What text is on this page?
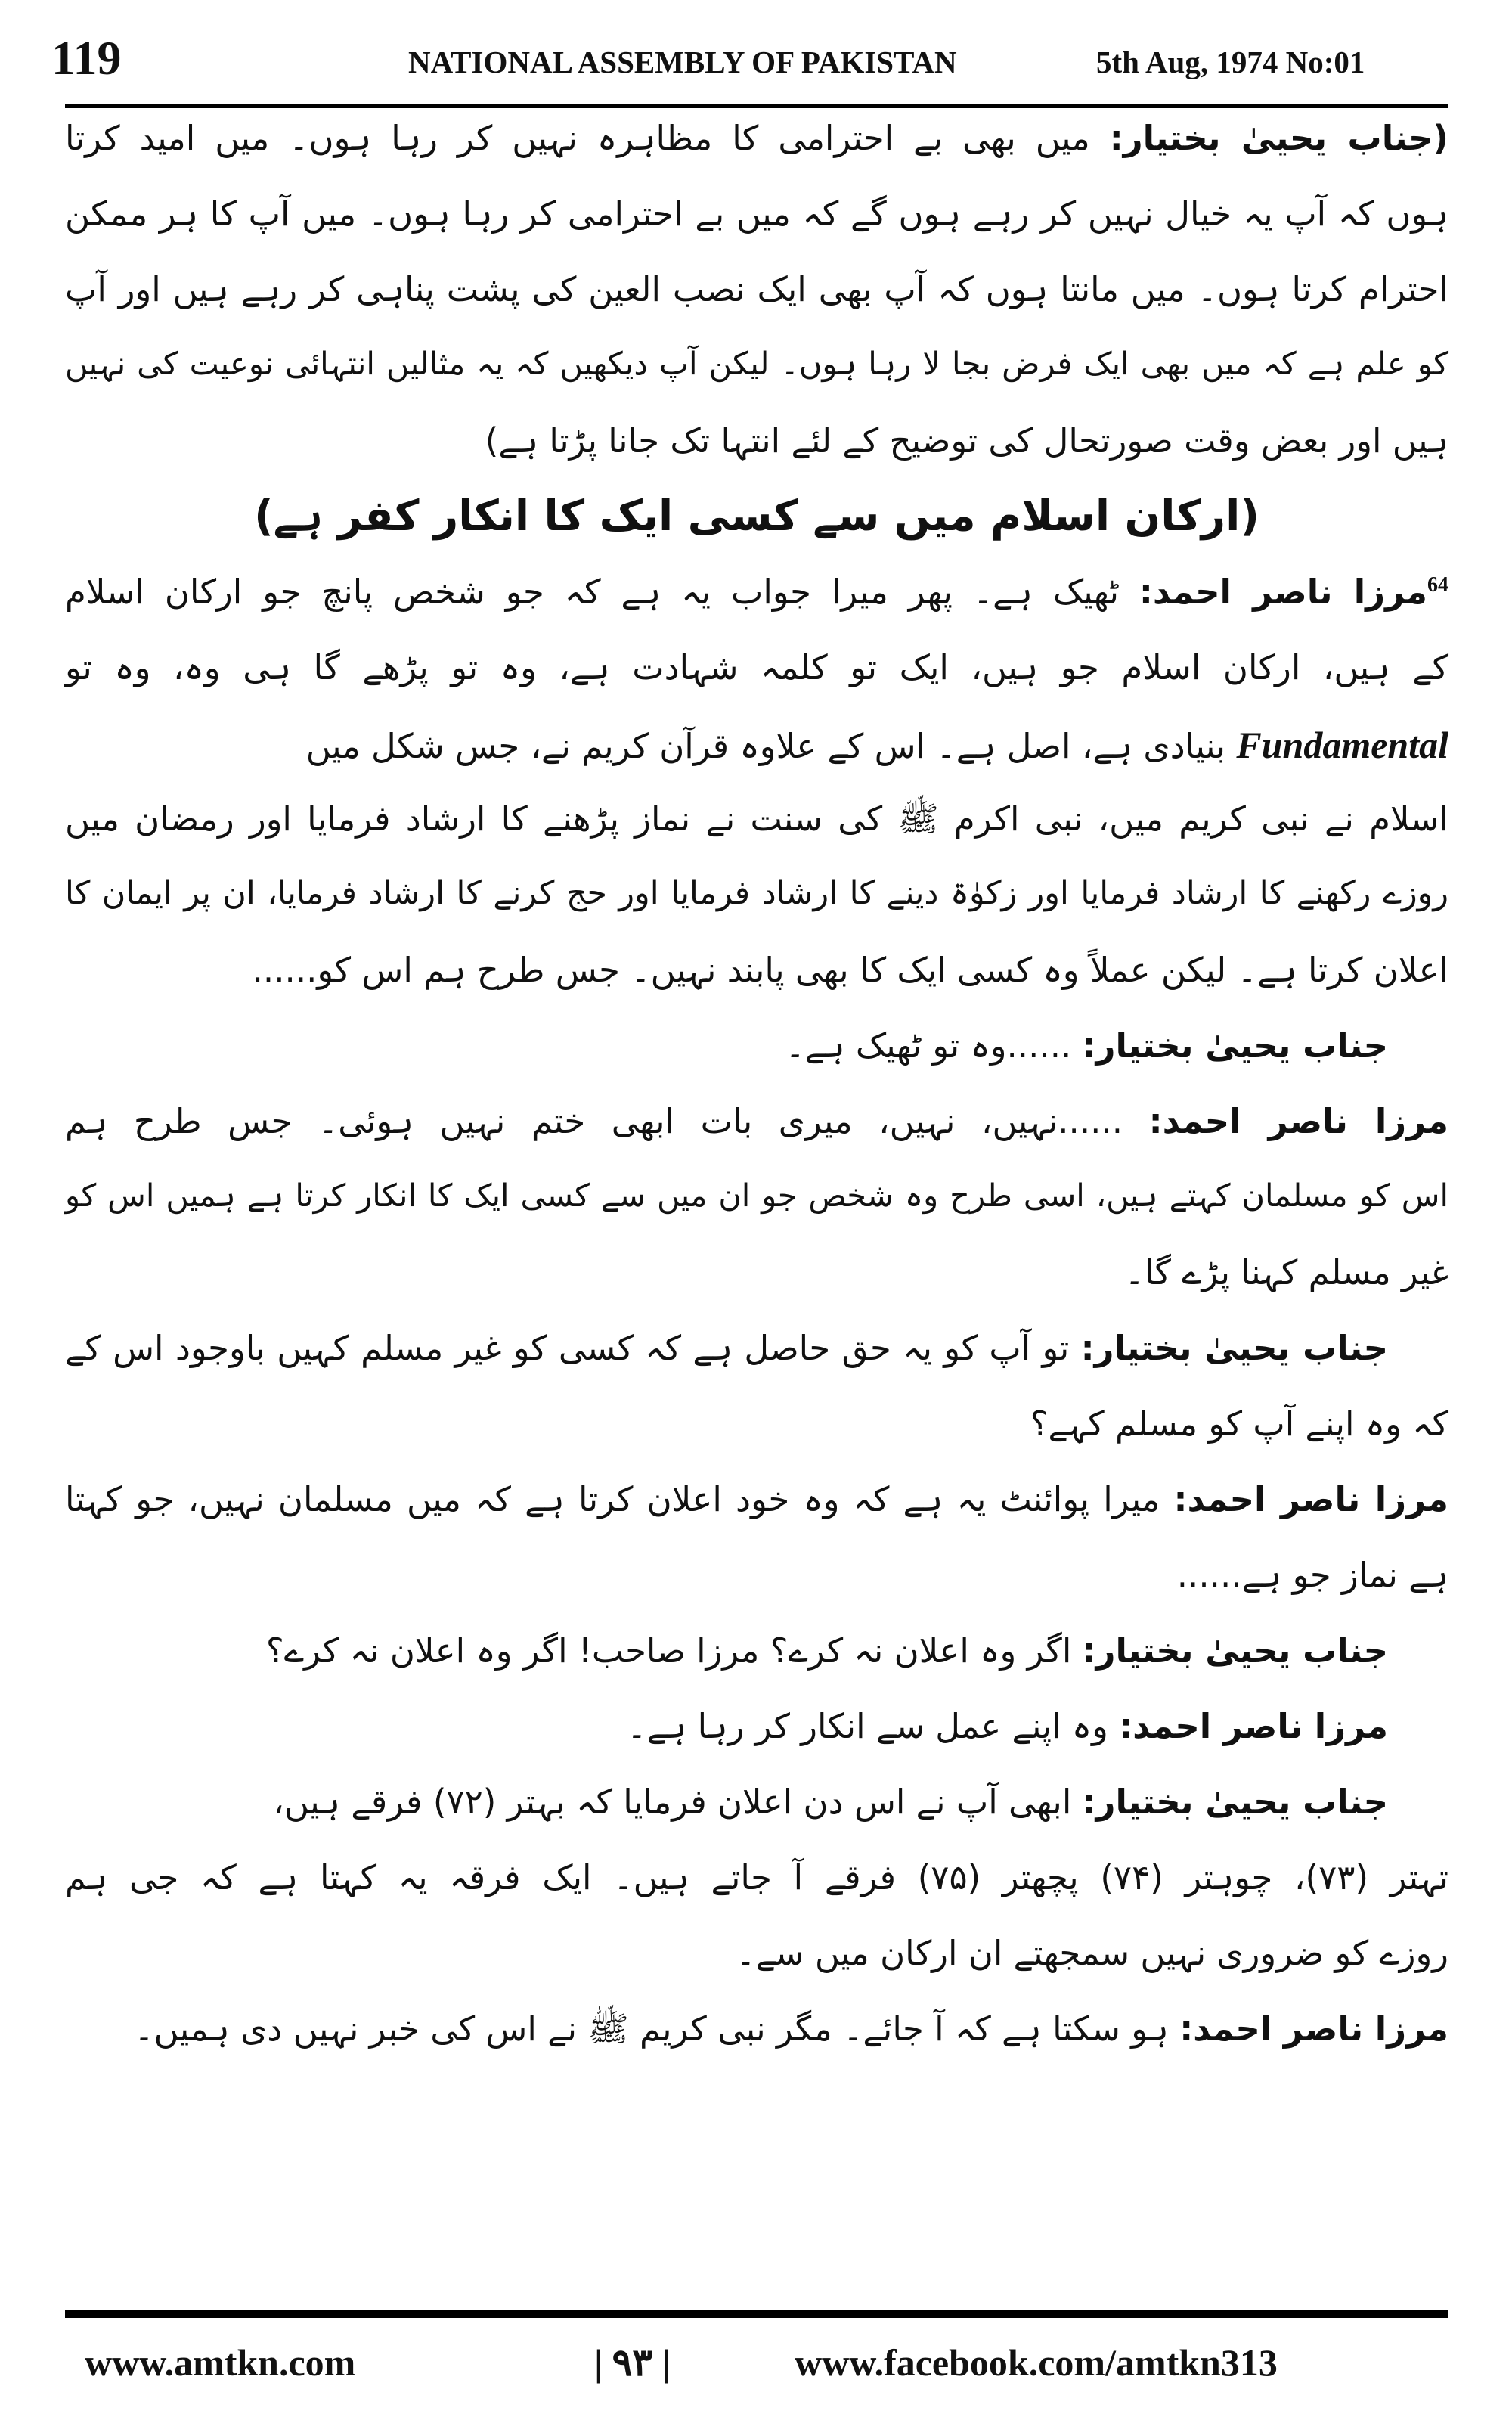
119	NATIONAL ASSEMBLY OF PAKISTAN	5th Aug, 1974 No:01
(جناب یحییٰ بختیار: میں بھی بے احترامی کا مظاہرہ نہیں کر رہا ہوں۔ میں امید کرتا
ہوں کہ آپ یہ خیال نہیں کر رہے ہوں گے کہ میں بے احترامی کر رہا ہوں۔ میں آپ کا ہر ممکن
احترام کرتا ہوں۔ میں مانتا ہوں کہ آپ بھی ایک نصب العین کی پشت پناہی کر رہے ہیں اور آپ
کو علم ہے کہ میں بھی ایک فرض بجا لا رہا ہوں۔ لیکن آپ دیکھیں کہ یہ مثالیں انتہائی نوعیت کی نہیں
ہیں اور بعض وقت صورتحال کی توضیح کے لئے انتہا تک جانا پڑتا ہے)
(ارکان اسلام میں سے کسی ایک کا انکار کفر ہے)
$^{64}$مرزا ناصر احمد: ٹھیک ہے۔ پھر میرا جواب یہ ہے کہ جو شخص پانچ جو ارکان اسلام
کے ہیں، ارکان اسلام جو ہیں، ایک تو کلمہ شہادت ہے، وہ تو پڑھے گا ہی وہ، وہ تو
Fundamental بنیادی ہے، اصل ہے۔ اس کے علاوہ قرآن کریم نے، جس شکل میں
اسلام نے نبی کریم میں، نبی اکرم ﷺ کی سنت نے نماز پڑھنے کا ارشاد فرمایا اور رمضان میں
روزے رکھنے کا ارشاد فرمایا اور زکوٰۃ دینے کا ارشاد فرمایا اور حج کرنے کا ارشاد فرمایا، ان پر ایمان کا
اعلان کرتا ہے۔ لیکن عملاً وہ کسی ایک کا بھی پابند نہیں۔ جس طرح ہم اس کو......
جناب یحییٰ بختیار: ......وہ تو ٹھیک ہے۔
مرزا ناصر احمد: ......نہیں، نہیں، میری بات ابھی ختم نہیں ہوئی۔ جس طرح ہم
اس کو مسلمان کہتے ہیں، اسی طرح وہ شخص جو ان میں سے کسی ایک کا انکار کرتا ہے ہمیں اس کو
غیر مسلم کہنا پڑے گا۔
جناب یحییٰ بختیار: تو آپ کو یہ حق حاصل ہے کہ کسی کو غیر مسلم کہیں باوجود اس کے
کہ وہ اپنے آپ کو مسلم کہے؟
مرزا ناصر احمد: میرا پوائنٹ یہ ہے کہ وہ خود اعلان کرتا ہے کہ میں مسلمان نہیں، جو کہتا
ہے نماز جو ہے......
جناب یحییٰ بختیار: اگر وہ اعلان نہ کرے؟ مرزا صاحب! اگر وہ اعلان نہ کرے؟
مرزا ناصر احمد: وہ اپنے عمل سے انکار کر رہا ہے۔
جناب یحییٰ بختیار: ابھی آپ نے اس دن اعلان فرمایا کہ بہتر (۷۲) فرقے ہیں،
تہتر (۷۳)، چوہتر (۷۴) پچھتر (۷۵) فرقے آ جاتے ہیں۔ ایک فرقہ یہ کہتا ہے کہ جی ہم
روزے کو ضروری نہیں سمجھتے ان ارکان میں سے۔
مرزا ناصر احمد: ہو سکتا ہے کہ آ جائے۔ مگر نبی کریم ﷺ نے اس کی خبر نہیں دی ہمیں۔
www.amtkn.com	| ۹۳ |	www.facebook.com/amtkn313
